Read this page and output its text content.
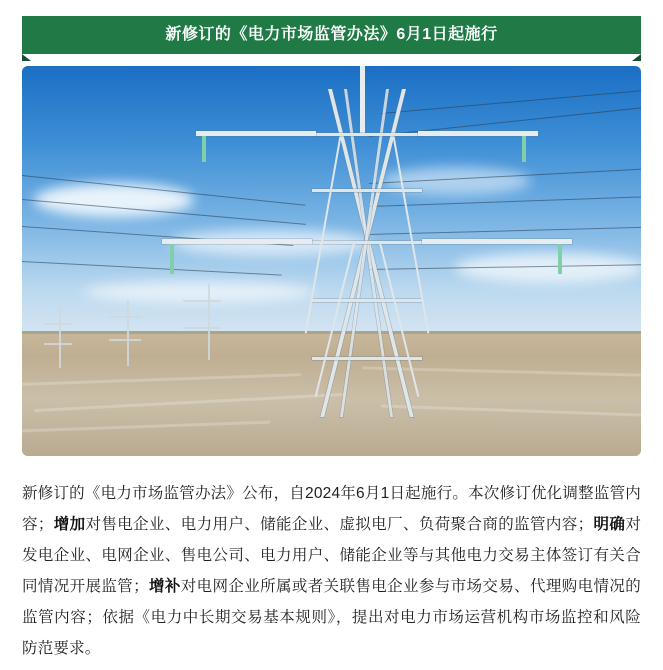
新修订的《电力市场监管办法》6月1日起施行

新修订的《电力市场监管办法》公布，自2024年6月1日起施行。本次修订优化调整监管内容；增加对售电企业、电力用户、储能企业、虚拟电厂、负荷聚合商的监管内容；明确对发电企业、电网企业、售电公司、电力用户、储能企业等与其他电力交易主体签订有关合同情况开展监管；增补对电网企业所属或者关联售电企业参与市场交易、代理购电情况的监管内容；依据《电力中长期交易基本规则》，提出对电力市场运营机构市场监控和风险防范要求。
